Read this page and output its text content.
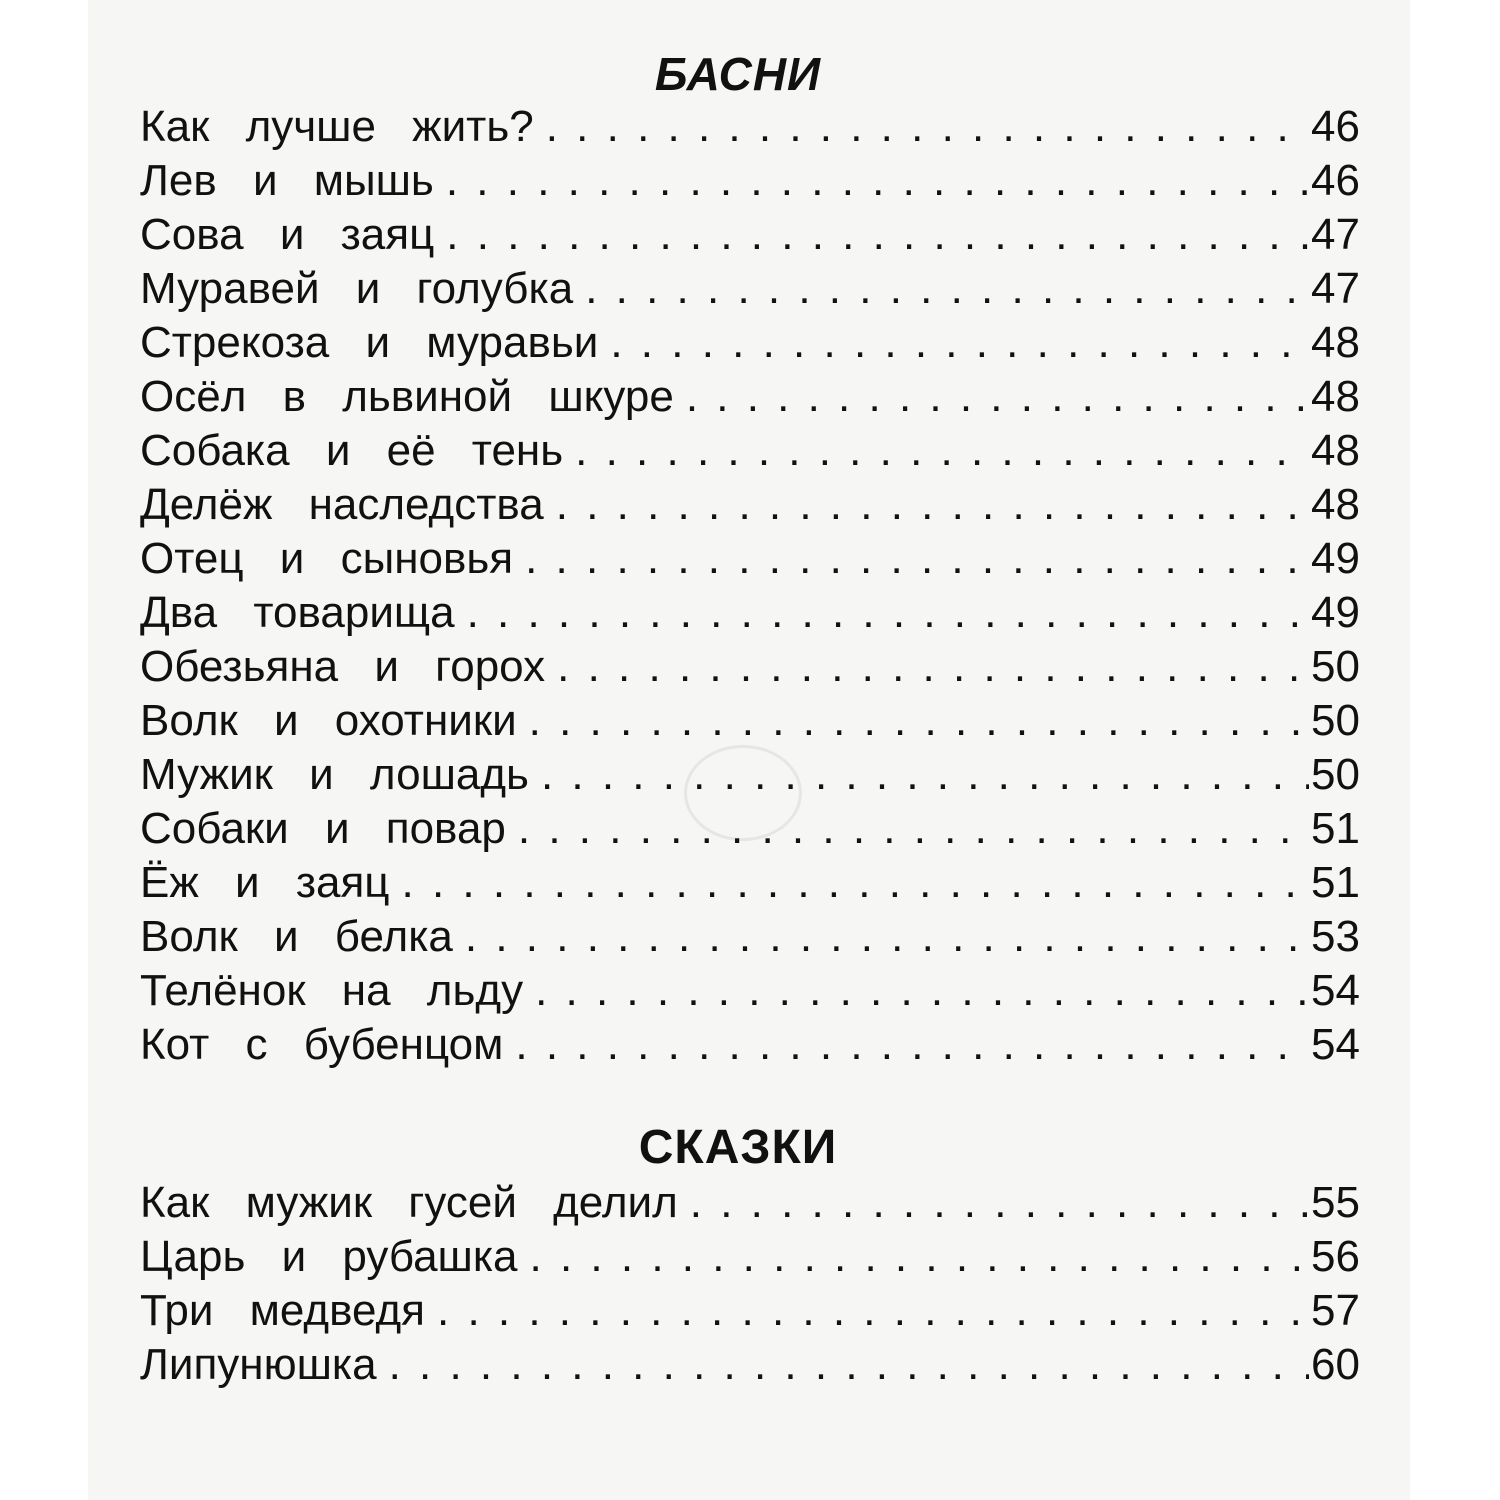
БАСНИ
Как лучше жить? . . .	46
Лев и мышь . . .	46
Сова и заяц . . .	47
Муравей и голубка . . .	47
Стрекоза и муравьи . . .	48
Осёл в львиной шкуре . . .	48
Собака и её тень . . .	48
Делёж наследства . . .	48
Отец и сыновья . . .	49
Два товарища . . .	49
Обезьяна и горох . . .	50
Волк и охотники . . .	50
Мужик и лошадь . . .	50
Собаки и повар . . .	51
Ёж и заяц . . .	51
Волк и белка . . .	53
Телёнок на льду . . .	54
Кот с бубенцом . . .	54
СКАЗКИ
Как мужик гусей делил . . .	55
Царь и рубашка . . .	56
Три медведя . . .	57
Липунюшка . . .	60
